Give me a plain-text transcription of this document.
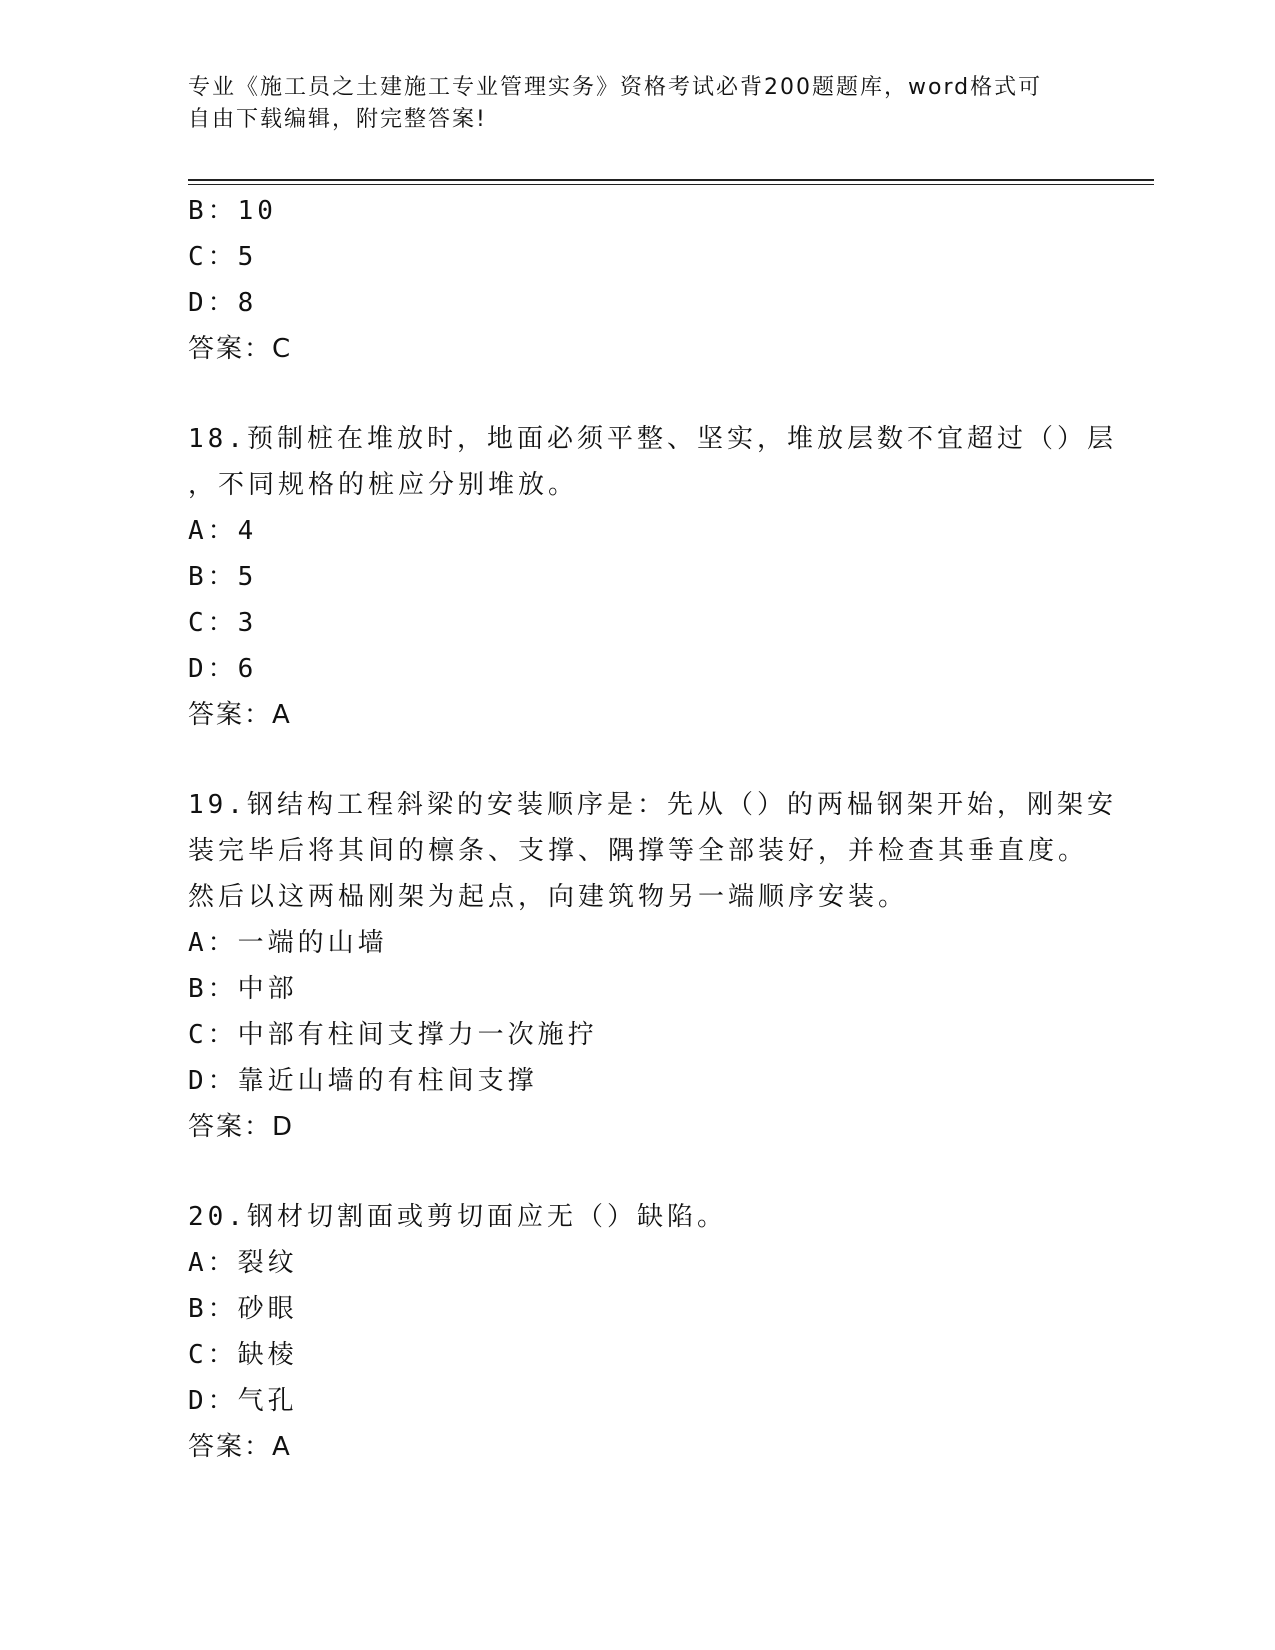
专业《施工员之土建施工专业管理实务》资格考试必背200题题库，word格式可
自由下载编辑，附完整答案!
B：10
C：5
D：8
答案：C
18.预制桩在堆放时，地面必须平整、坚实，堆放层数不宜超过（）层
，不同规格的桩应分别堆放。
A：4
B：5
C：3
D：6
答案：A
19.钢结构工程斜梁的安装顺序是：先从（）的两榀钢架开始，刚架安
装完毕后将其间的檩条、支撑、隅撑等全部装好，并检查其垂直度。
然后以这两榀刚架为起点，向建筑物另一端顺序安装。
A：一端的山墙
B：中部
C：中部有柱间支撑力一次施拧
D：靠近山墙的有柱间支撑
答案：D
20.钢材切割面或剪切面应无（）缺陷。
A：裂纹
B：砂眼
C：缺棱
D：气孔
答案：A
